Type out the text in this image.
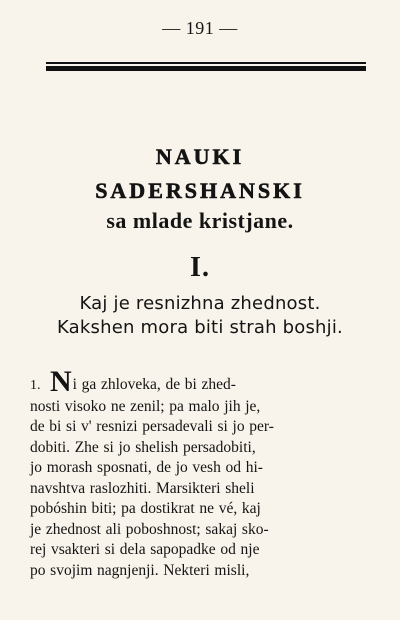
— 191 —
NAUKI
SADERSHANSKI
sa mlade kristjane.
I.
Kaj je resnizhna zhednost.
Kakshen mora biti strah boshji.
1. Ni ga zhloveka, de bi zhed-
nosti visoko ne zenil; pa malo jih je,
de bi si v' resnizi persadevali si jo per-
dobiti. Zhe si jo shelish persadobiti,
jo morash sposnati, de jo vesh od hi-
navshtva raslozhiti. Marsikteri sheli
pobóshin biti; pa dostikrat ne vé, kaj
je zhednost ali poboshnost; sakaj sko-
rej vsakteri si dela sapopadke od nje
po svojim nagnjenji. Nekteri misli,
